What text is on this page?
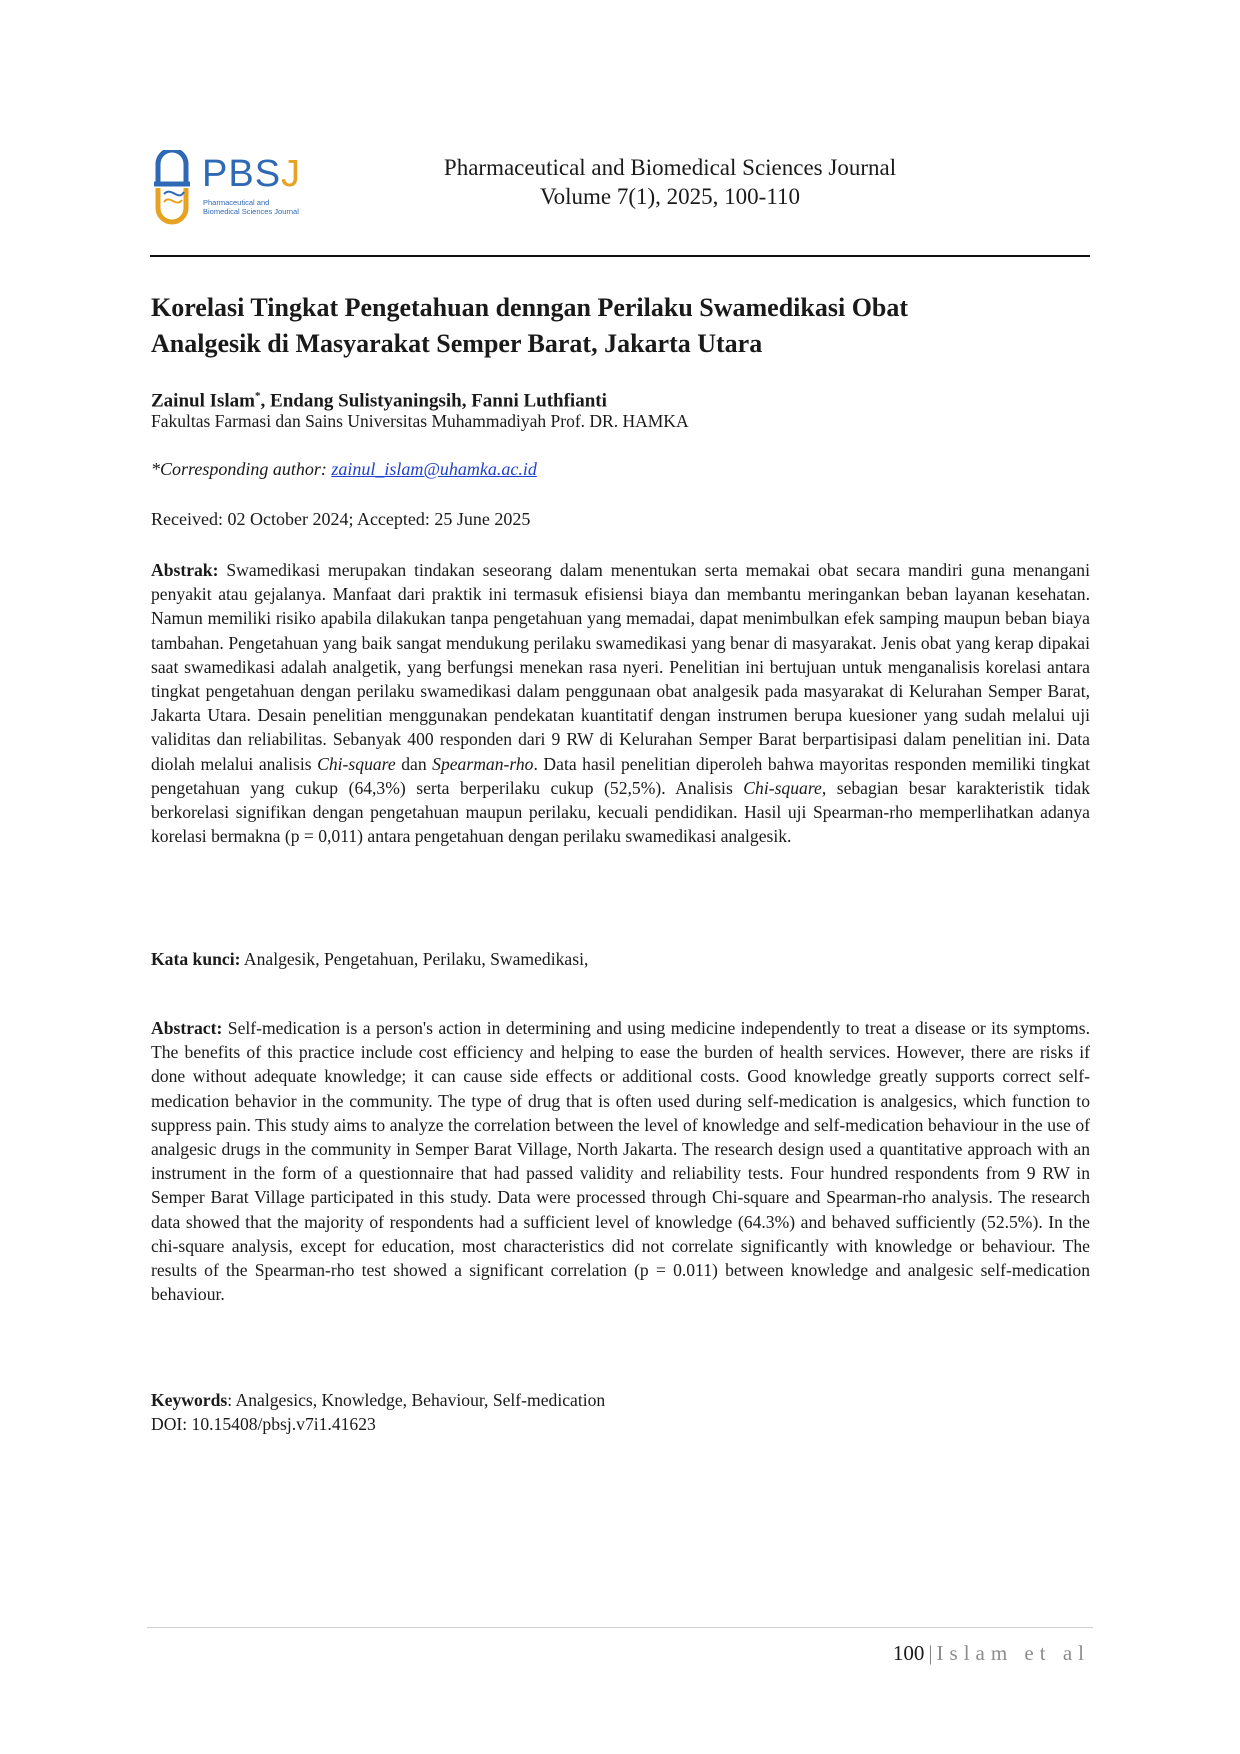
PBSJ
Pharmaceutical and
Biomedical Sciences Journal
Pharmaceutical and Biomedical Sciences Journal
Volume 7(1), 2025, 100-110
Korelasi Tingkat Pengetahuan denngan Perilaku Swamedikasi Obat
Analgesik di Masyarakat Semper Barat, Jakarta Utara
Zainul Islam*, Endang Sulistyaningsih, Fanni Luthfianti
Fakultas Farmasi dan Sains Universitas Muhammadiyah Prof. DR. HAMKA
*Corresponding author: zainul_islam@uhamka.ac.id
Received: 02 October 2024; Accepted: 25 June 2025

Abstrak: Swamedikasi merupakan tindakan seseorang dalam menentukan serta memakai obat secara mandiri guna menangani penyakit atau gejalanya. Manfaat dari praktik ini termasuk efisiensi biaya dan membantu meringankan beban layanan kesehatan. Namun memiliki risiko apabila dilakukan tanpa pengetahuan yang memadai, dapat menimbulkan efek samping maupun beban biaya tambahan. Pengetahuan yang baik sangat mendukung perilaku swamedikasi yang benar di masyarakat. Jenis obat yang kerap dipakai saat swamedikasi adalah analgetik, yang berfungsi menekan rasa nyeri. Penelitian ini bertujuan untuk menganalisis korelasi antara tingkat pengetahuan dengan perilaku swamedikasi dalam penggunaan obat analgesik pada masyarakat di Kelurahan Semper Barat, Jakarta Utara. Desain penelitian menggunakan pendekatan kuantitatif dengan instrumen berupa kuesioner yang sudah melalui uji validitas dan reliabilitas. Sebanyak 400 responden dari 9 RW di Kelurahan Semper Barat berpartisipasi dalam penelitian ini. Data diolah melalui analisis Chi-square dan Spearman-rho. Data hasil penelitian diperoleh bahwa mayoritas responden memiliki tingkat pengetahuan yang cukup (64,3%) serta berperilaku cukup (52,5%). Analisis Chi-square, sebagian besar karakteristik tidak berkorelasi signifikan dengan pengetahuan maupun perilaku, kecuali pendidikan. Hasil uji Spearman-rho memperlihatkan adanya korelasi bermakna (p = 0,011) antara pengetahuan dengan perilaku swamedikasi analgesik.

Kata kunci: Analgesik, Pengetahuan, Perilaku, Swamedikasi,

Abstract: Self-medication is a person's action in determining and using medicine independently to treat a disease or its symptoms. The benefits of this practice include cost efficiency and helping to ease the burden of health services. However, there are risks if done without adequate knowledge; it can cause side effects or additional costs. Good knowledge greatly supports correct self-medication behavior in the community. The type of drug that is often used during self-medication is analgesics, which function to suppress pain. This study aims to analyze the correlation between the level of knowledge and self-medication behaviour in the use of analgesic drugs in the community in Semper Barat Village, North Jakarta. The research design used a quantitative approach with an instrument in the form of a questionnaire that had passed validity and reliability tests. Four hundred respondents from 9 RW in Semper Barat Village participated in this study. Data were processed through Chi-square and Spearman-rho analysis. The research data showed that the majority of respondents had a sufficient level of knowledge (64.3%) and behaved sufficiently (52.5%). In the chi-square analysis, except for education, most characteristics did not correlate significantly with knowledge or behaviour. The results of the Spearman-rho test showed a significant correlation (p = 0.011) between knowledge and analgesic self-medication behaviour.

Keywords: Analgesics, Knowledge, Behaviour, Self-medication
DOI: 10.15408/pbsj.v7i1.41623
100 | Islam et al
